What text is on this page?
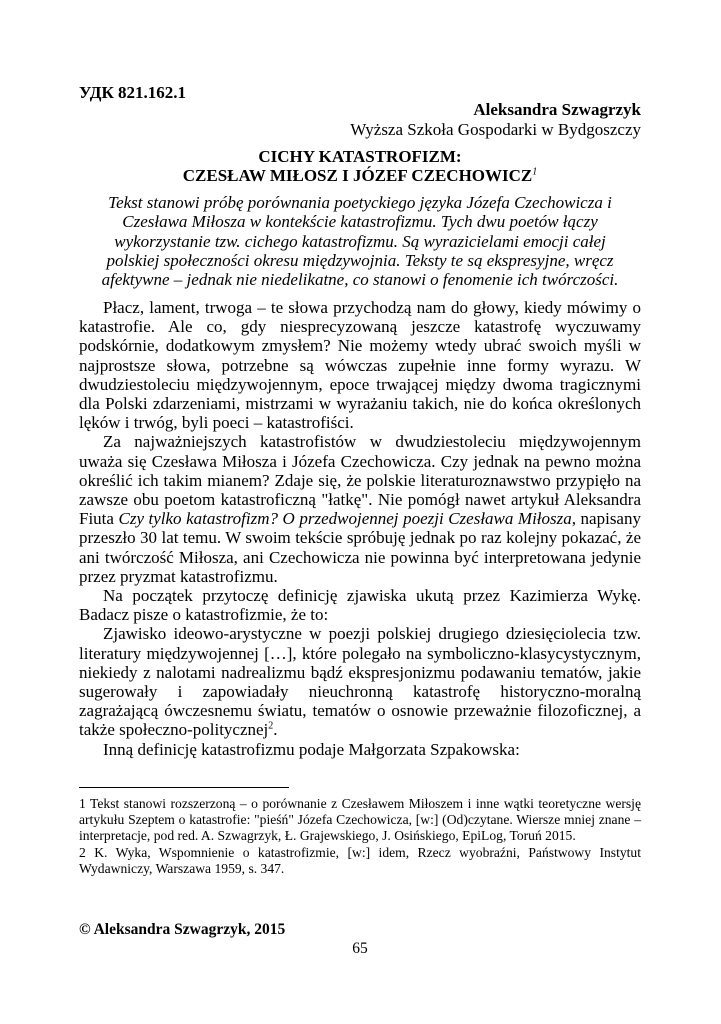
УДК 821.162.1
Aleksandra Szwagrzyk
Wyższa Szkoła Gospodarki w Bydgoszczy
CICHY KATASTROFIZM:
CZESŁAW MIŁOSZ I JÓZEF CZECHOWICZ$^1$
Tekst stanowi próbę porównania poetyckiego języka Józefa Czechowicza i Czesława Miłosza w kontekście katastrofizmu. Tych dwu poetów łączy wykorzystanie tzw. cichego katastrofizmu. Są wyrazicielami emocji całej polskiej społeczności okresu międzywojnia. Teksty te są ekspresyjne, wręcz afektywne – jednak nie niedelikatne, co stanowi o fenomenie ich twórczości.

Płacz, lament, trwoga – te słowa przychodzą nam do głowy, kiedy mówimy o katastrofie. Ale co, gdy niesprecyzowaną jeszcze katastrofę wyczuwamy podskórnie, dodatkowym zmysłem? Nie możemy wtedy ubrać swoich myśli w najprostsze słowa, potrzebne są wówczas zupełnie inne formy wyrazu. W dwudziestoleciu międzywojennym, epoce trwającej między dwoma tragicznymi dla Polski zdarzeniami, mistrzami w wyrażaniu takich, nie do końca określonych lęków i trwóg, byli poeci – katastrofiści.

Za najważniejszych katastrofistów w dwudziestoleciu międzywojennym uważa się Czesława Miłosza i Józefa Czechowicza. Czy jednak na pewno można określić ich takim mianem? Zdaje się, że polskie literaturoznawstwo przypięło na zawsze obu poetom katastroficzną "łatkę". Nie pomógł nawet artykuł Aleksandra Fiuta Czy tylko katastrofizm? O przedwojennej poezji Czesława Miłosza, napisany przeszło 30 lat temu. W swoim tekście spróbuję jednak po raz kolejny pokazać, że ani twórczość Miłosza, ani Czechowicza nie powinna być interpretowana jedynie przez pryzmat katastrofizmu.

Na początek przytoczę definicję zjawiska ukutą przez Kazimierza Wykę. Badacz pisze o katastrofizmie, że to:

Zjawisko ideowo-arystyczne w poezji polskiej drugiego dziesięciolecia tzw. literatury międzywojennej […], które polegało na symboliczno-klasycystycznym, niekiedy z nalotami nadrealizmu bądź ekspresjonizmu podawaniu tematów, jakie sugerowały i zapowiadały nieuchronną katastrofę historyczno-moralną zagrażającą ówczesnemu światu, tematów o osnowie przeważnie filozoficznej, a także społeczno-politycznej$^2$.

Inną definicję katastrofizmu podaje Małgorzata Szpakowska:

1 Tekst stanowi rozszerzoną – o porównanie z Czesławem Miłoszem i inne wątki teoretyczne wersję artykułu Szeptem o katastrofie: "pieśń" Józefa Czechowicza, [w:] (Od)czytane. Wiersze mniej znane – interpretacje, pod red. A. Szwagrzyk, Ł. Grajewskiego, J. Osińskiego, EpiLog, Toruń 2015.

2 K. Wyka, Wspomnienie o katastrofizmie, [w:] idem, Rzecz wyobraźni, Państwowy Instytut Wydawniczy, Warszawa 1959, s. 347.

© Aleksandra Szwagrzyk, 2015
65
